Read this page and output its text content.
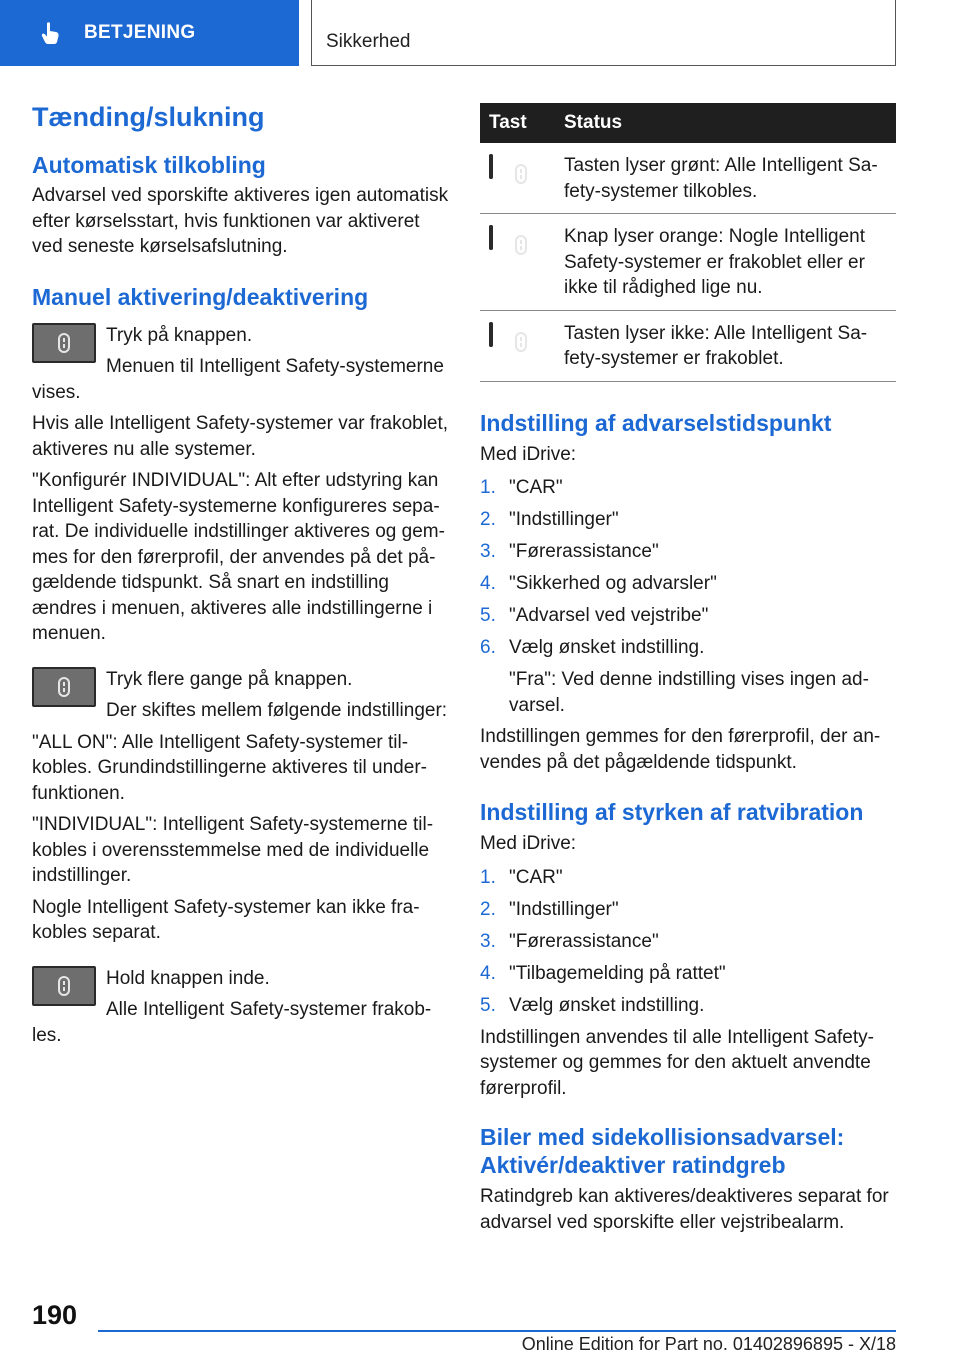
BETJENING	Sikkerhed
Tænding/slukning
Automatisk tilkobling

Advarsel ved sporskifte aktiveres igen automatisk efter kørselsstart, hvis funktionen var aktiveret ved seneste kørselsafslutning.

Manuel aktivering/deaktivering

Tryk på knappen.

Menuen til Intelligent Safety-systemerne vises.

Hvis alle Intelligent Safety-systemer var frakoblet, aktiveres nu alle systemer.

"Konfigurér INDIVIDUAL": Alt efter udstyring kan Intelligent Safety-systemerne konfigureres separat. De individuelle indstillinger aktiveres og gemmes for den førerprofil, der anvendes på det pågældende tidspunkt. Så snart en indstilling ændres i menuen, aktiveres alle indstillingerne i menuen.

Tryk flere gange på knappen.

Der skiftes mellem følgende indstillinger:

"ALL ON": Alle Intelligent Safety-systemer tilkobles. Grundindstillingerne aktiveres til underfunktionen.

"INDIVIDUAL": Intelligent Safety-systemerne tilkobles i overensstemmelse med de individuelle indstillinger.

Nogle Intelligent Safety-systemer kan ikke frakobles separat.

Hold knappen inde.

Alle Intelligent Safety-systemer frakobles.

Tast	Status

	Tasten lyser grønt: Alle Intelligent Safety-systemer tilkobles.

	Knap lyser orange: Nogle Intelligent Safety-systemer er frakoblet eller er ikke til rådighed lige nu.

	Tasten lyser ikke: Alle Intelligent Safety-systemer er frakoblet.
Indstilling af advarselstidspunkt

Med iDrive:

1. "CAR"
2. "Indstillinger"
3. "Førerassistance"
4. "Sikkerhed og advarsler"
5. "Advarsel ved vejstribe"
6. Vælg ønsket indstilling.
"Fra": Ved denne indstilling vises ingen advarsel.

Indstillingen gemmes for den førerprofil, der anvendes på det pågældende tidspunkt.

Indstilling af styrken af ratvibration

Med iDrive:

1. "CAR"
2. "Indstillinger"
3. "Førerassistance"
4. "Tilbagemelding på rattet"
5. Vælg ønsket indstilling.

Indstillingen anvendes til alle Intelligent Safety-systemer og gemmes for den aktuelt anvendte førerprofil.

Biler med sidekollisionsadvarsel: Aktivér/deaktiver ratindgreb

Ratindgreb kan aktiveres/deaktiveres separat for advarsel ved sporskifte eller vejstribealarm.

190
Online Edition for Part no. 01402896895 - X/18
